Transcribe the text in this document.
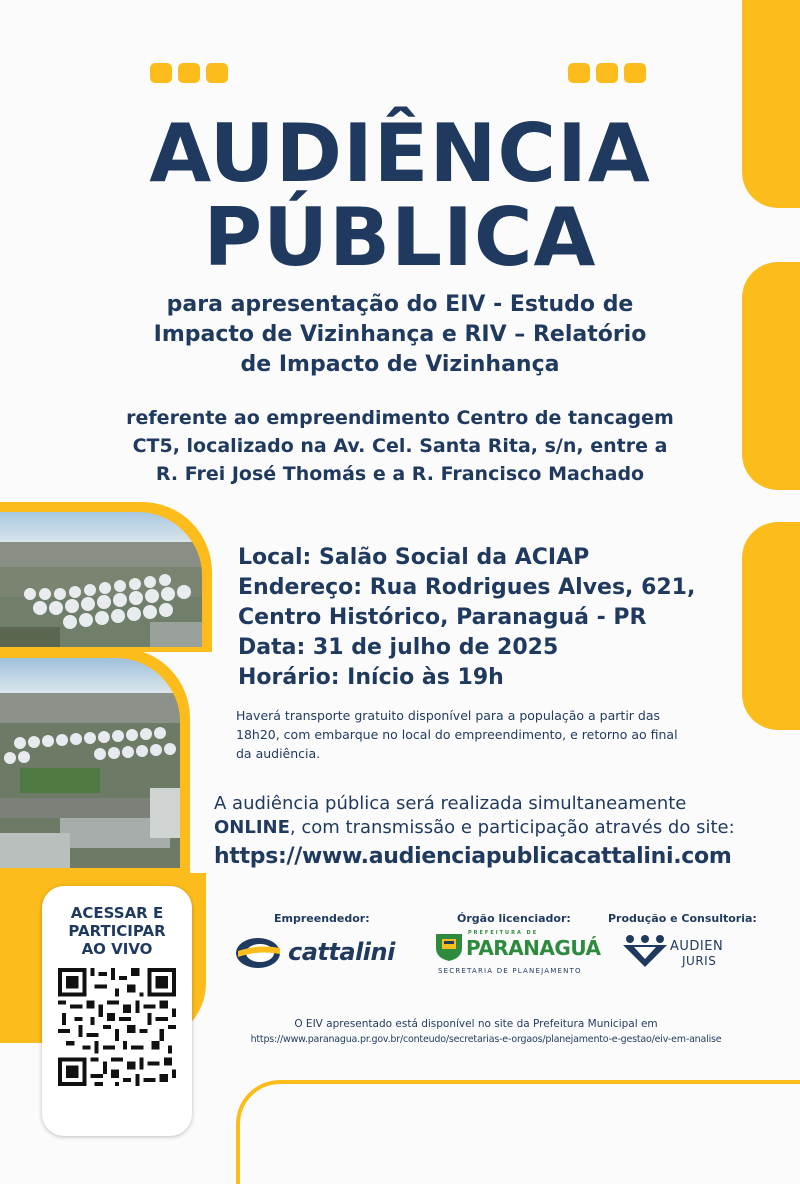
AUDIÊNCIA
PÚBLICA
para apresentação do EIV - Estudo de
Impacto de Vizinhança e RIV – Relatório
de Impacto de Vizinhança
referente ao empreendimento Centro de tancagem
CT5, localizado na Av. Cel. Santa Rita, s/n, entre a
R. Frei José Thomás e a R. Francisco Machado
Local: Salão Social da ACIAP
Endereço: Rua Rodrigues Alves, 621,
Centro Histórico, Paranaguá - PR
Data: 31 de julho de 2025
Horário: Início às 19h
Haverá transporte gratuito disponível para a população a partir das
18h20, com embarque no local do empreendimento, e retorno ao final
da audiência.
A audiência pública será realizada simultaneamente
ONLINE, com transmissão e participação através do site:
https://www.audienciapublicacattalini.com
ACESSAR E
PARTICIPAR
AO VIVO
Empreendedor:
cattalini
Órgão licenciador:
PREFEITURA DE
PARANAGUÁ
SECRETARIA DE PLANEJAMENTO
Produção e Consultoria:
AUDIEN
JURIS
O EIV apresentado está disponível no site da Prefeitura Municipal em
https://www.paranagua.pr.gov.br/conteudo/secretarias-e-orgaos/planejamento-e-gestao/eiv-em-analise
